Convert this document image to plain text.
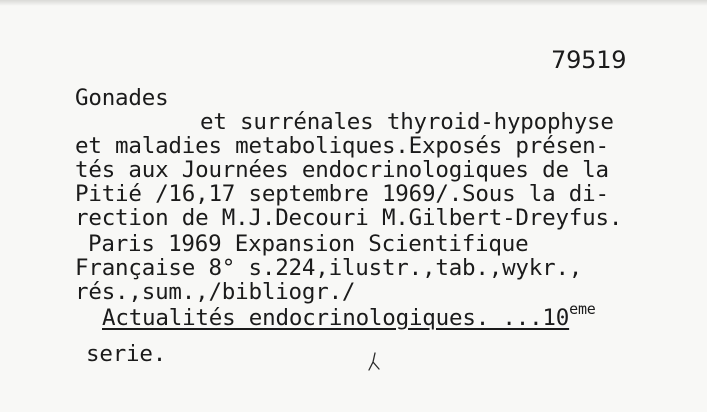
79519
Gonades
et surrénales thyroid-hypophyse
et maladies metaboliques.Exposés présen-
tés aux Journées endocrinologiques de la
Pitié /16,17 septembre 1969/.Sous la di-
rection de M.J.Decouri M.Gilbert-Dreyfus.
Paris 1969 Expansion Scientifique
Française 8° s.224,ilustr.,tab.,wykr.,
rés.,sum.,/bibliogr./
Actualités endocrinologiques. ...10eme
serie.
